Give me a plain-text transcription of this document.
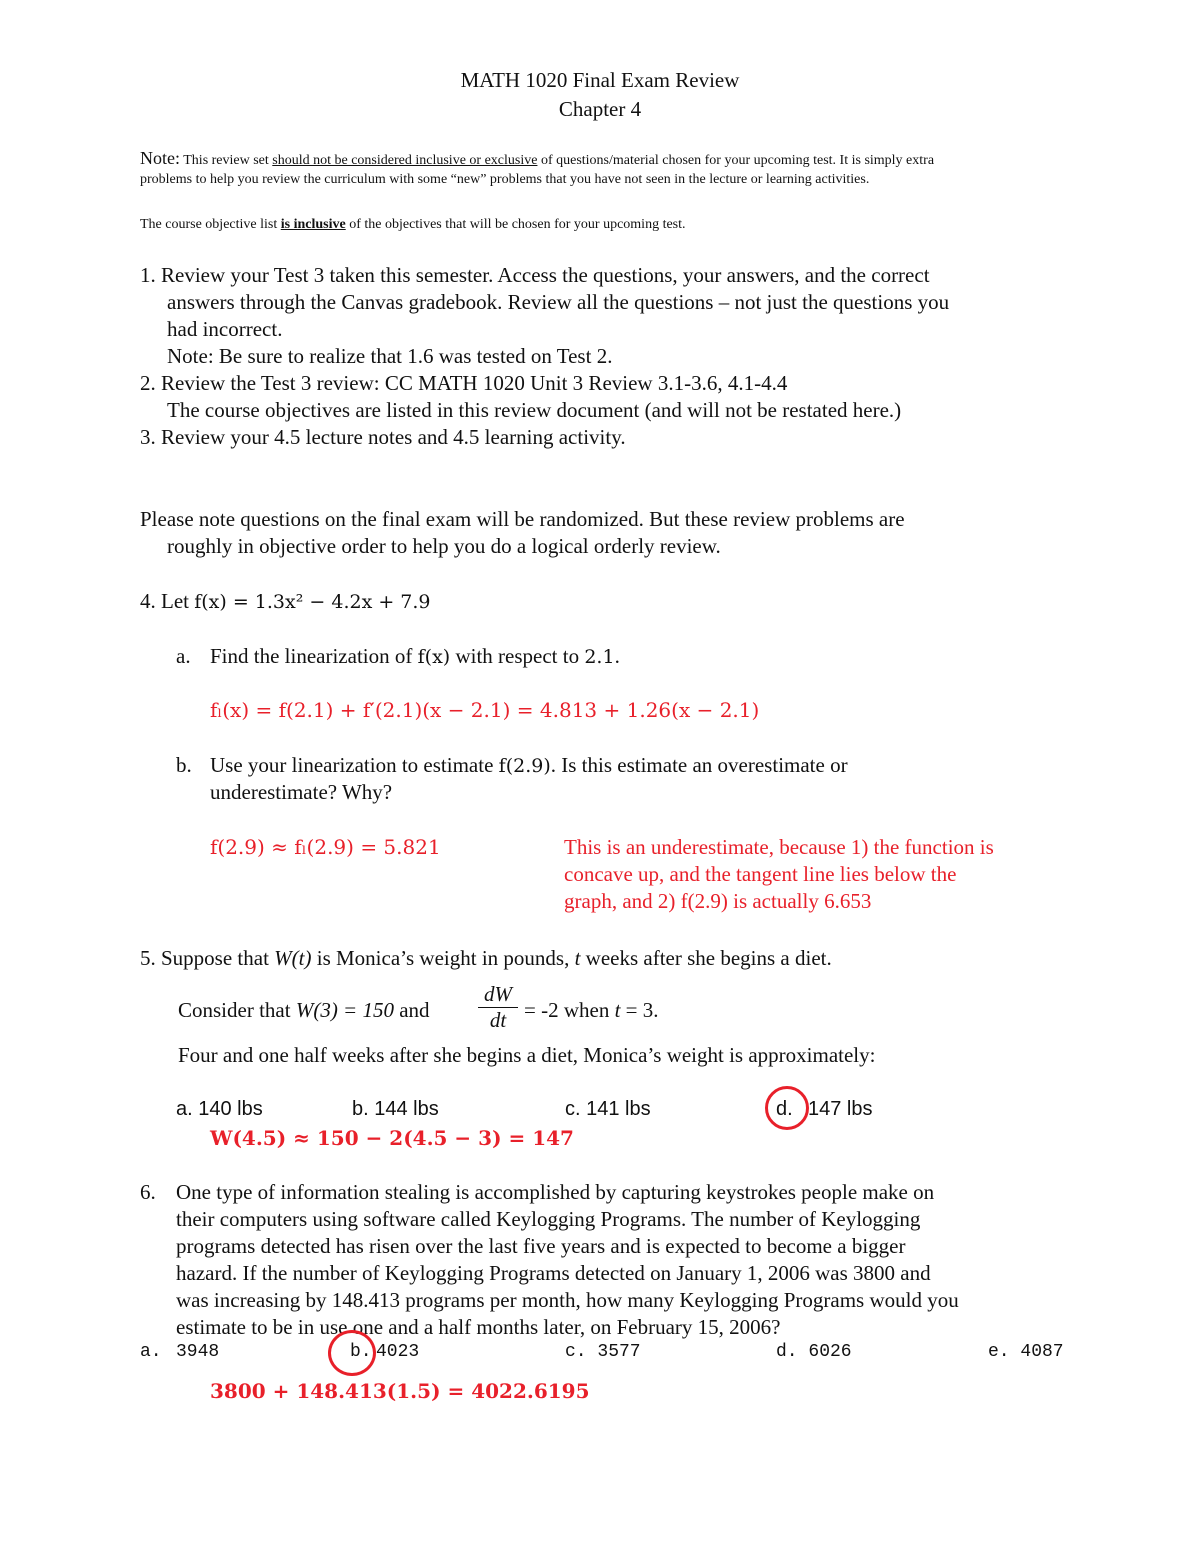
MATH 1020 Final Exam Review
Chapter 4
Note: This review set should not be considered inclusive or exclusive of questions/material chosen for your upcoming test. It is simply extra
problems to help you review the curriculum with some “new” problems that you have not seen in the lecture or learning activities.
The course objective list is inclusive of the objectives that will be chosen for your upcoming test.
1. Review your Test 3 taken this semester. Access the questions, your answers, and the correct
answers through the Canvas gradebook. Review all the questions – not just the questions you
had incorrect.
Note: Be sure to realize that 1.6 was tested on Test 2.
2. Review the Test 3 review: CC MATH 1020 Unit 3 Review 3.1-3.6, 4.1-4.4
The course objectives are listed in this review document (and will not be restated here.)
3. Review your 4.5 lecture notes and 4.5 learning activity.
Please note questions on the final exam will be randomized. But these review problems are
roughly in objective order to help you do a logical orderly review.
4. Let f(x) = 1.3x² − 4.2x + 7.9
a. Find the linearization of f(x) with respect to 2.1.
fₗ(x) = f(2.1) + f′(2.1)(x − 2.1) = 4.813 + 1.26(x − 2.1)
b. Use your linearization to estimate f(2.9). Is this estimate an overestimate or
underestimate? Why?
f(2.9) ≈ fₗ(2.9) = 5.821	This is an underestimate, because 1) the function is
concave up, and the tangent line lies below the
graph, and 2) f(2.9) is actually 6.653
5. Suppose that W(t) is Monica’s weight in pounds, t weeks after she begins a diet.
Consider that W(3) = 150 and
dW
dt = -2 when t = 3.
Four and one half weeks after she begins a diet, Monica’s weight is approximately:
a. 140 lbs	b. 144 lbs	c. 141 lbs	d. 147 lbs
W(4.5) ≈ 150 − 2(4.5 − 3) = 147
6. One type of information stealing is accomplished by capturing keystrokes people make on
their computers using software called Keylogging Programs. The number of Keylogging
programs detected has risen over the last five years and is expected to become a bigger
hazard. If the number of Keylogging Programs detected on January 1, 2006 was 3800 and
was increasing by 148.413 programs per month, how many Keylogging Programs would you
estimate to be in use one and a half months later, on February 15, 2006?
a. 3948	b. 4023	c. 3577	d. 6026	e. 4087
3800 + 148.413(1.5) = 4022.6195
